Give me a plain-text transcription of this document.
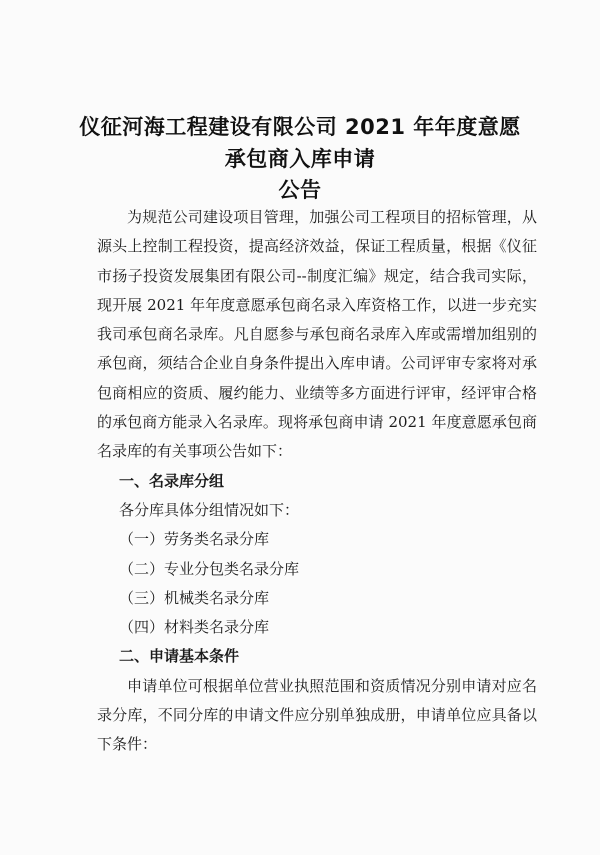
仪征河海工程建设有限公司 2021 年年度意愿
承包商入库申请
公告

为规范公司建设项目管理，加强公司工程项目的招标管理，从源头上控制工程投资，提高经济效益，保证工程质量，根据《仪征市扬子投资发展集团有限公司--制度汇编》规定，结合我司实际，现开展 2021 年年度意愿承包商名录入库资格工作，以进一步充实我司承包商名录库。凡自愿参与承包商名录库入库或需增加组别的承包商，须结合企业自身条件提出入库申请。公司评审专家将对承包商相应的资质、履约能力、业绩等多方面进行评审，经评审合格的承包商方能录入名录库。现将承包商申请 2021 年度意愿承包商名录库的有关事项公告如下：

一、名录库分组

各分库具体分组情况如下：

（一）劳务类名录分库

（二）专业分包类名录分库

（三）机械类名录分库

（四）材料类名录分库

二、申请基本条件

申请单位可根据单位营业执照范围和资质情况分别申请对应名录分库，不同分库的申请文件应分别单独成册，申请单位应具备以下条件：
